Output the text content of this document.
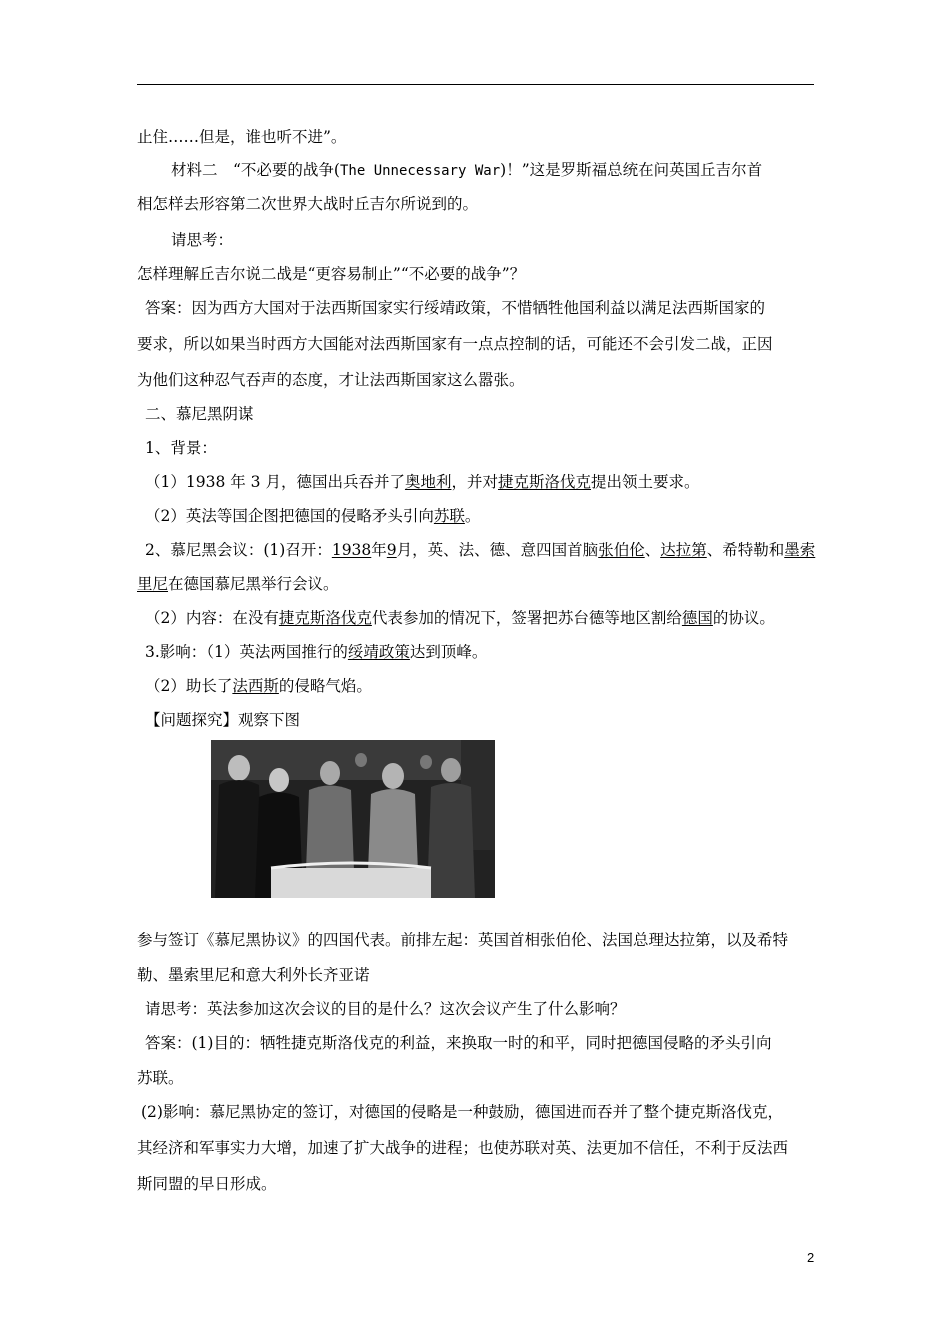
止住……但是，谁也听不进”。
材料二　“不必要的战争(The Unnecessary War)！”这是罗斯福总统在问英国丘吉尔首
相怎样去形容第二次世界大战时丘吉尔所说到的。
请思考：
怎样理解丘吉尔说二战是“更容易制止”“不必要的战争”？
答案：因为西方大国对于法西斯国家实行绥靖政策，不惜牺牲他国利益以满足法西斯国家的
要求，所以如果当时西方大国能对法西斯国家有一点点控制的话，可能还不会引发二战，正因
为他们这种忍气吞声的态度，才让法西斯国家这么嚣张。
二、慕尼黑阴谋
1、背景：
（1）1938 年 3 月，德国出兵吞并了奥地利，并对捷克斯洛伐克提出领土要求。
（2）英法等国企图把德国的侵略矛头引向苏联。
2、慕尼黑会议：(1)召开：1938年9月，英、法、德、意四国首脑张伯伦、达拉第、希特勒和墨索
里尼在德国慕尼黑举行会议。
（2）内容：在没有捷克斯洛伐克代表参加的情况下，签署把苏台德等地区割给德国的协议。
3.影响：（1）英法两国推行的绥靖政策达到顶峰。
（2）助长了法西斯的侵略气焰。
【问题探究】观察下图
参与签订《慕尼黑协议》的四国代表。前排左起：英国首相张伯伦、法国总理达拉第，以及希特
勒、墨索里尼和意大利外长齐亚诺
请思考：英法参加这次会议的目的是什么？这次会议产生了什么影响？
答案：(1)目的：牺牲捷克斯洛伐克的利益，来换取一时的和平，同时把德国侵略的矛头引向
苏联。
(2)影响：慕尼黑协定的签订，对德国的侵略是一种鼓励，德国进而吞并了整个捷克斯洛伐克，
其经济和军事实力大增，加速了扩大战争的进程；也使苏联对英、法更加不信任，不利于反法西
斯同盟的早日形成。
2
